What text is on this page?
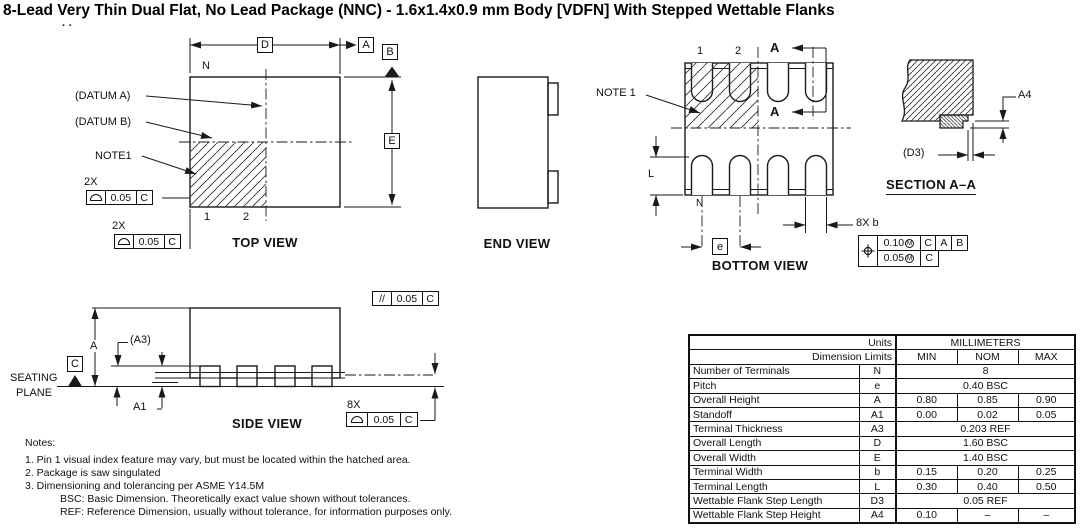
8-Lead Very Thin Dual Flat, No Lead Package (NNC) - 1.6x1.4x0.9 mm Body [VDFN] With Stepped Wettable Flanks
· ·
(DATUM A)
(DATUM B)
NOTE1
N
1	2
D	A
B
E
2X
0.05 C
2X
0.05 C	TOP VIEW	END VIEW
NOTE 1
1	2 A
A
L
N
e
8X b
BOTTOM VIEW
0.10 M	C A B
0.05 M	C
A4
(D3)
SECTION A–A
//	0.05 C
A	(A3)
C
SEATING
PLANE
A1	8X
0.05	C
SIDE VIEW
Notes:
1. Pin 1 visual index feature may vary, but must be located within the hatched area.
2. Package is saw singulated
3. Dimensioning and tolerancing per ASME Y14.5M
BSC: Basic Dimension. Theoretically exact value shown without tolerances.
REF: Reference Dimension, usually without tolerance, for information purposes only.
Units		MILLIMETERS		
Dimension Limits		MIN	NOM	MAX
Number of Terminals	N	8		
Pitch	e	0.40 BSC		
Overall Height	A	0.80	0.85	0.90
Standoff	A1	0.00	0.02	0.05
Terminal Thickness	A3	0.203 REF		
Overall Length	D	1.60 BSC		
Overall Width	E	1.40 BSC		
Terminal Width	b	0.15	0.20	0.25
Terminal Length	L	0.30	0.40	0.50
Wettable Flank Step Length	D3	0.05 REF		
Wettable Flank Step Height	A4	0.10	–	–
